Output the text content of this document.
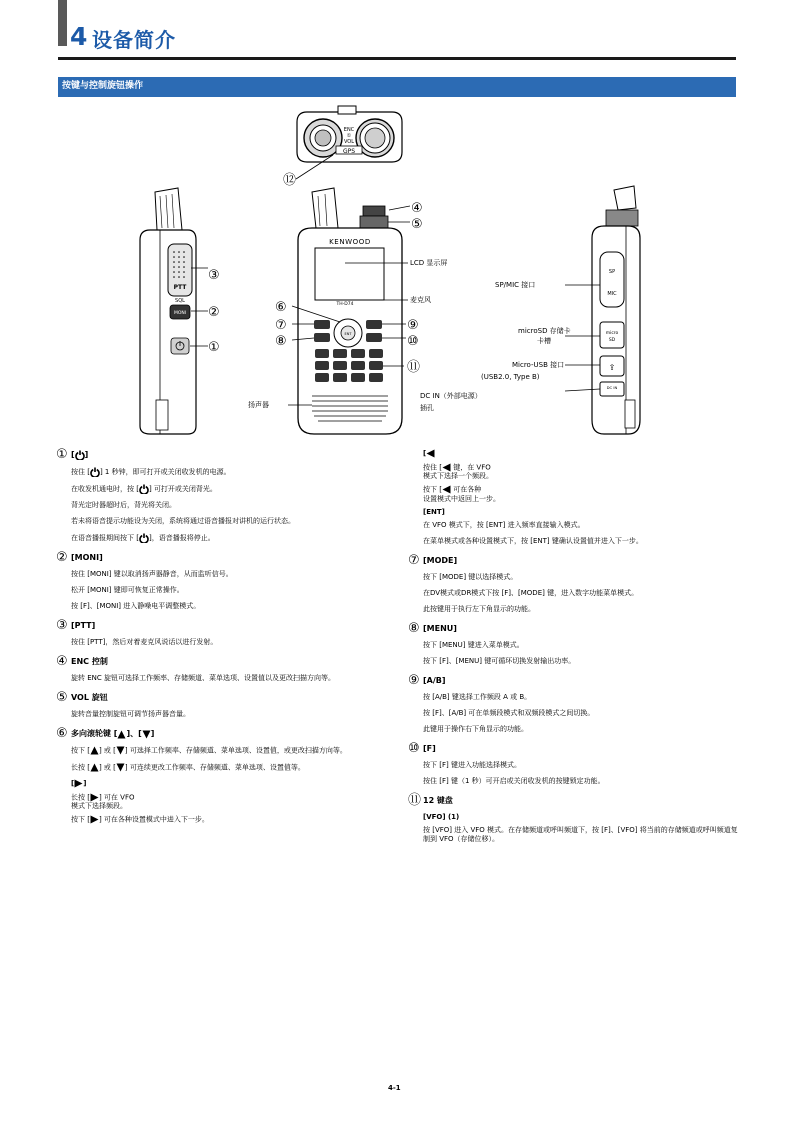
4 设备简介
按键与控制旋钮操作
ENC
①
VOL
GPS
⑫
PTT
SQL
MONI
③
②
①
KENWOOD
TH-D74
ENT
④
⑤
⑥
⑦
⑧
⑨
⑩
⑪
SP
MIC
micro
SD
⇪
DC IN
LCD 显示屏
麦克风
扬声器
DC IN（外部电源）
插孔
SP/MIC 接口
microSD 存储卡
卡槽
Micro-USB 接口
(USB2.0, Type B)
① [ ]
按住 [ ] 1 秒钟，即可打开或关闭收发机的电源。
在收发机通电时，按 [ ] 可打开或关闭背光。
背光定时器超时后，背光将关闭。
若未将语音提示功能设为关闭，系统将通过语音播报对讲机的运行状态。
在语音播报期间按下 [ ]，语音播报将停止。
② [MONI]
按住 [MONI] 键以取消扬声器静音，从而监听信号。
松开 [MONI] 键即可恢复正常操作。
按 [F]、[MONI] 进入静噪电平调整模式。
③ [PTT]
按住 [PTT]，然后对着麦克风说话以进行发射。
④ ENC 控制
旋转 ENC 旋钮可选择工作频率、存储频道、菜单选项、设置值以及更改扫描方向等。
⑤ VOL 旋钮
旋转音量控制旋钮可调节扬声器音量。
⑥ 多向滚轮键 [ ]、[ ]
按下 [ ] 或 [ ] 可选择工作频率、存储频道、菜单选项、设置值，或更改扫描方向等。
长按 [ ] 或 [ ] 可连续更改工作频率、存储频道、菜单选项、设置值等。
[ ]
长按 [ ] 可在 VFO
模式下选择频段。
按下 [ ] 可在各种设置模式中进入下一步。
[
按住 [ 键，在 VFO
模式下选择一个频段。
按下 [ 可在各种
设置模式中返回上一步。
[ENT]
在 VFO 模式下，按 [ENT] 进入频率直接输入模式。
在菜单模式或各种设置模式下，按 [ENT] 键确认设置值并进入下一步。
⑦ [MODE]
按下 [MODE] 键以选择模式。
在DV模式或DR模式下按 [F]、[MODE] 键，进入数字功能菜单模式。
此按键用于执行左下角显示的功能。
⑧ [MENU]
按下 [MENU] 键进入菜单模式。
按下 [F]、[MENU] 键可循环切换发射输出功率。
⑨ [A/B]
按 [A/B] 键选择工作频段 A 或 B。
按 [F]、[A/B] 可在单频段模式和双频段模式之间切换。
此键用于操作右下角显示的功能。
⑩ [F]
按下 [F] 键进入功能选择模式。
按住 [F] 键（1 秒）可开启或关闭收发机的按键锁定功能。
⑪ 12 键盘
[VFO] (1)
按 [VFO] 进入 VFO 模式。在存储频道或呼叫频道下，按 [F]、[VFO] 将当前的存储频道或呼叫频道复制到 VFO（存储位移）。
4-1
